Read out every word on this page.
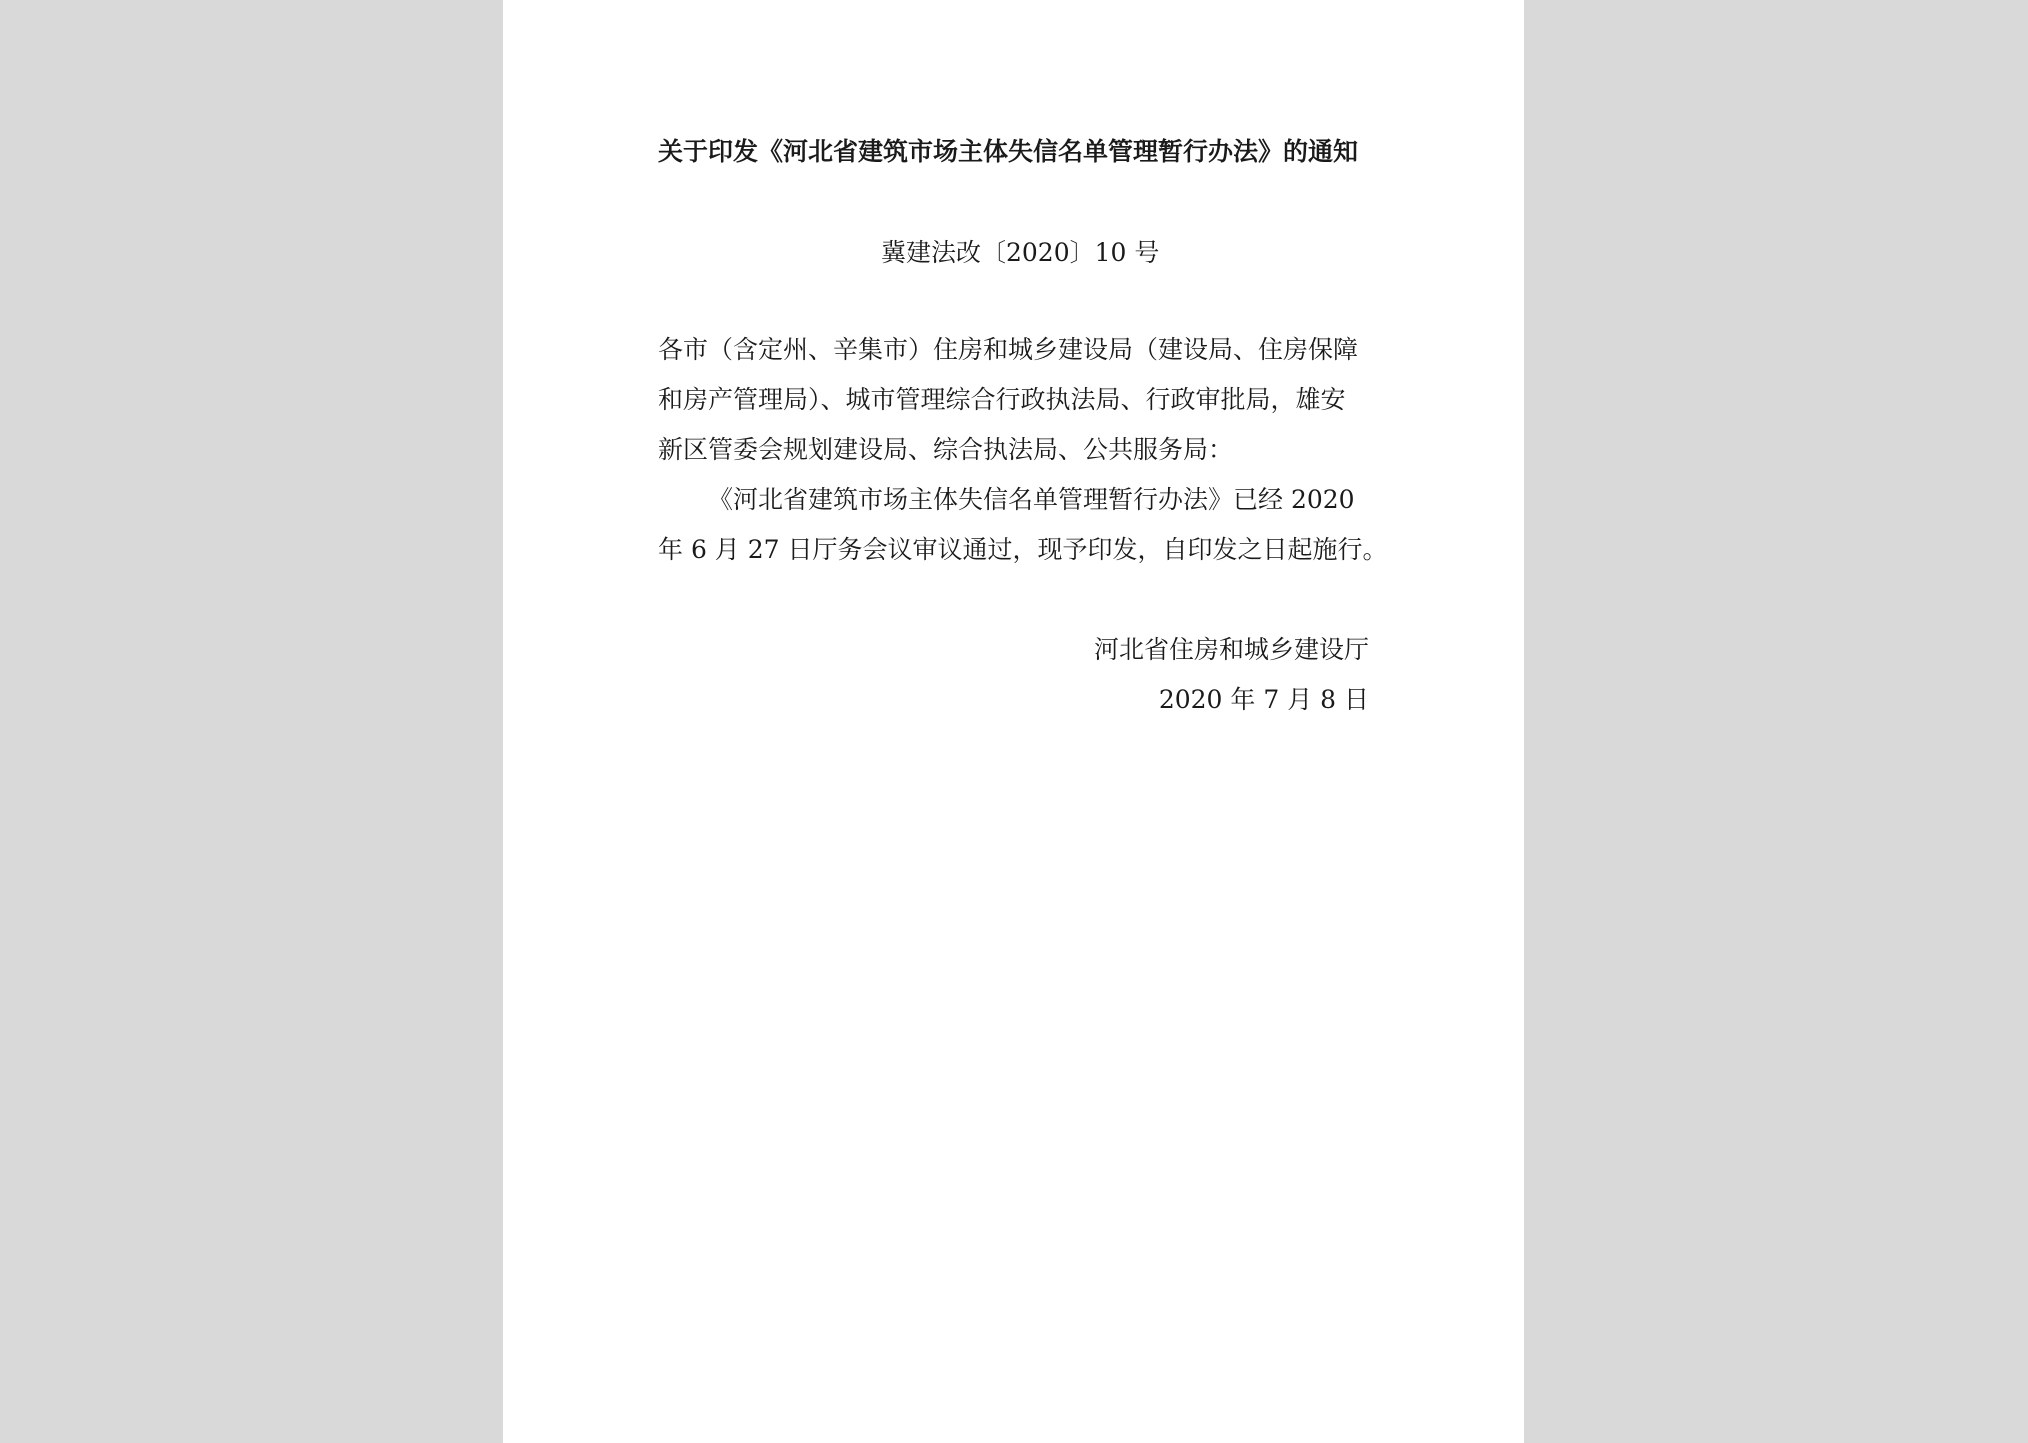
关于印发《河北省建筑市场主体失信名单管理暂行办法》的通知
冀建法改〔2020〕10 号
各市（含定州、辛集市）住房和城乡建设局（建设局、住房保障
和房产管理局）、城市管理综合行政执法局、行政审批局，雄安
新区管委会规划建设局、综合执法局、公共服务局：
《河北省建筑市场主体失信名单管理暂行办法》已经 2020
年 6 月 27 日厅务会议审议通过，现予印发，自印发之日起施行。
河北省住房和城乡建设厅
2020 年 7 月 8 日
